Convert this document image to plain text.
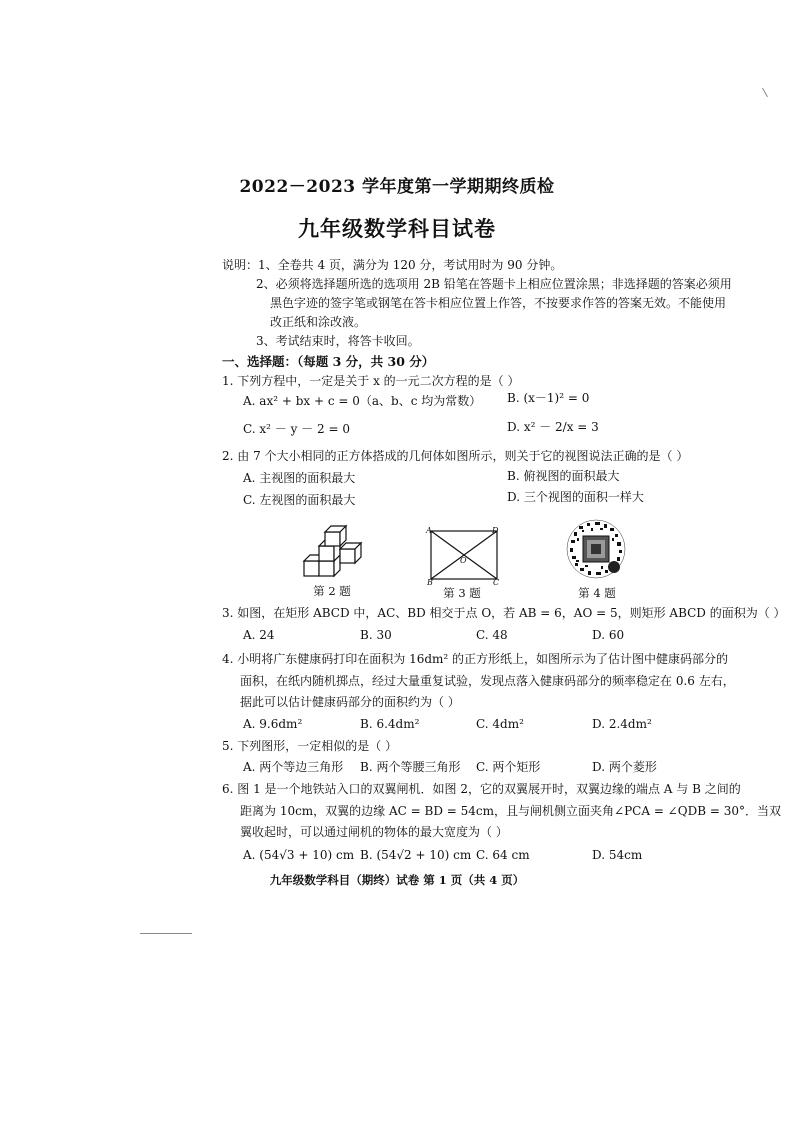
2022－2023 学年度第一学期期终质检
九年级数学科目试卷
说明：1、全卷共 4 页，满分为 120 分，考试用时为 90 分钟。
2、必须将选择题所选的选项用 2B 铅笔在答题卡上相应位置涂黑；非选择题的答案必须用
黑色字迹的签字笔或钢笔在答卡相应位置上作答，不按要求作答的答案无效。不能使用
改正纸和涂改液。
3、考试结束时，将答卡收回。
一、选择题：（每题 3 分，共 30 分）
1. 下列方程中，一定是关于 x 的一元二次方程的是（ ）
A. ax² + bx + c = 0（a、b、c 均为常数） B. (x－1)² = 0
C. x² － y － 2 = 0	D. x² － 2/x = 3
2. 由 7 个大小相同的正方体搭成的几何体如图所示，则关于它的视图说法正确的是（ ）
A. 主视图的面积最大	B. 俯视图的面积最大
C. 左视图的面积最大	D. 三个视图的面积一样大
第 2 题
A	D
B	C
O
第 3 题	第 4 题
3. 如图，在矩形 ABCD 中，AC、BD 相交于点 O，若 AB = 6，AO = 5，则矩形 ABCD 的面积为（ ）
A. 24	B. 30	C. 48	D. 60
4. 小明将广东健康码打印在面积为 16dm² 的正方形纸上，如图所示为了估计图中健康码部分的
面积，在纸内随机掷点，经过大量重复试验，发现点落入健康码部分的频率稳定在 0.6 左右，
据此可以估计健康码部分的面积约为（ ）
A. 9.6dm²	B. 6.4dm²	C. 4dm²	D. 2.4dm²
5. 下列图形，一定相似的是（ ）
A. 两个等边三角形 B. 两个等腰三角形 C. 两个矩形	D. 两个菱形
6. 图 1 是一个地铁站入口的双翼闸机．如图 2，它的双翼展开时，双翼边缘的端点 A 与 B 之间的
距离为 10cm，双翼的边缘 AC = BD = 54cm，且与闸机侧立面夹角∠PCA = ∠QDB = 30°．当双
翼收起时，可以通过闸机的物体的最大宽度为（ ）
A. (54√3 + 10) cm B. (54√2 + 10) cm C. 64 cm	D. 54cm
九年级数学科目（期终）试卷 第 1 页（共 4 页）
